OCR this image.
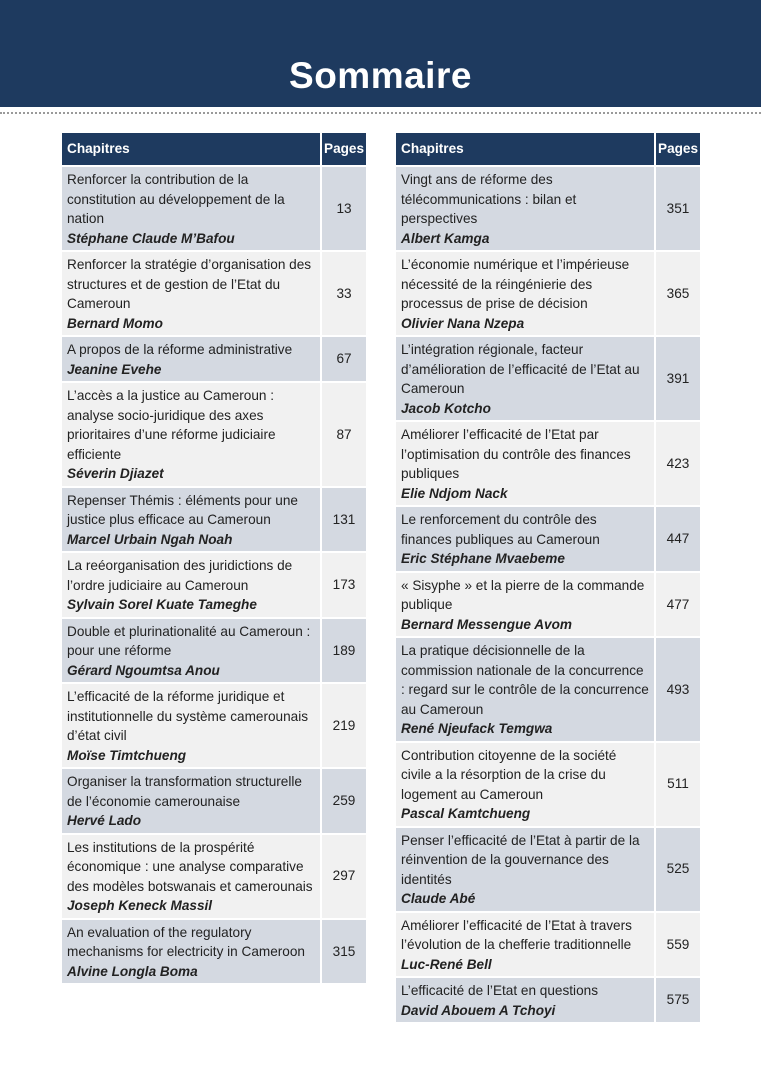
Sommaire
Chapitres	Pages

Renforcer la contribution de la constitution au développement de la nation
Stéphane Claude M’Bafou	13

Renforcer la stratégie d’organisation des structures et de gestion de l’Etat du Cameroun
Bernard Momo	33

A propos de la réforme administrative
Jeanine Evehe	67

L’accès a la justice au Cameroun : analyse socio-juridique des axes prioritaires d’une réforme judiciaire efficiente
Séverin Djiazet	87

Repenser Thémis : éléments pour une justice plus efficace au Cameroun
Marcel Urbain Ngah Noah	131

La reéorganisation des juridictions de l’ordre judiciaire au Cameroun
Sylvain Sorel Kuate Tameghe	173

Double et plurinationalité au Cameroun : pour une réforme
Gérard Ngoumtsa Anou	189

L’efficacité de la réforme juridique et institutionnelle du système camerounais d’état civil
Moïse Timtchueng	219

Organiser la transformation structurelle de l’économie camerounaise
Hervé Lado	259

Les institutions de la prospérité économique : une analyse comparative des modèles botswanais et camerounais
Joseph Keneck Massil	297

An evaluation of the regulatory mechanisms for electricity in Cameroon
Alvine Longla Boma	315
Chapitres	Pages

Vingt ans de réforme des télécommunications : bilan et perspectives
Albert Kamga	351

L’économie numérique et l’impérieuse nécessité de la réingénierie des processus de prise de décision
Olivier Nana Nzepa	365

L’intégration régionale, facteur d’amélioration de l’efficacité de l’Etat au Cameroun
Jacob Kotcho	391

Améliorer l’efficacité de l’Etat par l’optimisation du contrôle des finances publiques
Elie Ndjom Nack	423

Le renforcement du contrôle des finances publiques au Cameroun
Eric Stéphane Mvaebeme	447

« Sisyphe » et la pierre de la commande publique
Bernard Messengue Avom	477

La pratique décisionnelle de la commission nationale de la concurrence : regard sur le contrôle de la concurrence au Cameroun
René Njeufack Temgwa	493

Contribution citoyenne de la société civile a la résorption de la crise du logement au Cameroun
Pascal Kamtchueng	511

Penser l’efficacité de l’Etat à partir de la réinvention de la gouvernance des identités
Claude Abé	525

Améliorer l’efficacité de l’Etat à travers l’évolution de la chefferie traditionnelle
Luc-René Bell	559

L’efficacité de l’Etat en questions
David Abouem A Tchoyi	575
